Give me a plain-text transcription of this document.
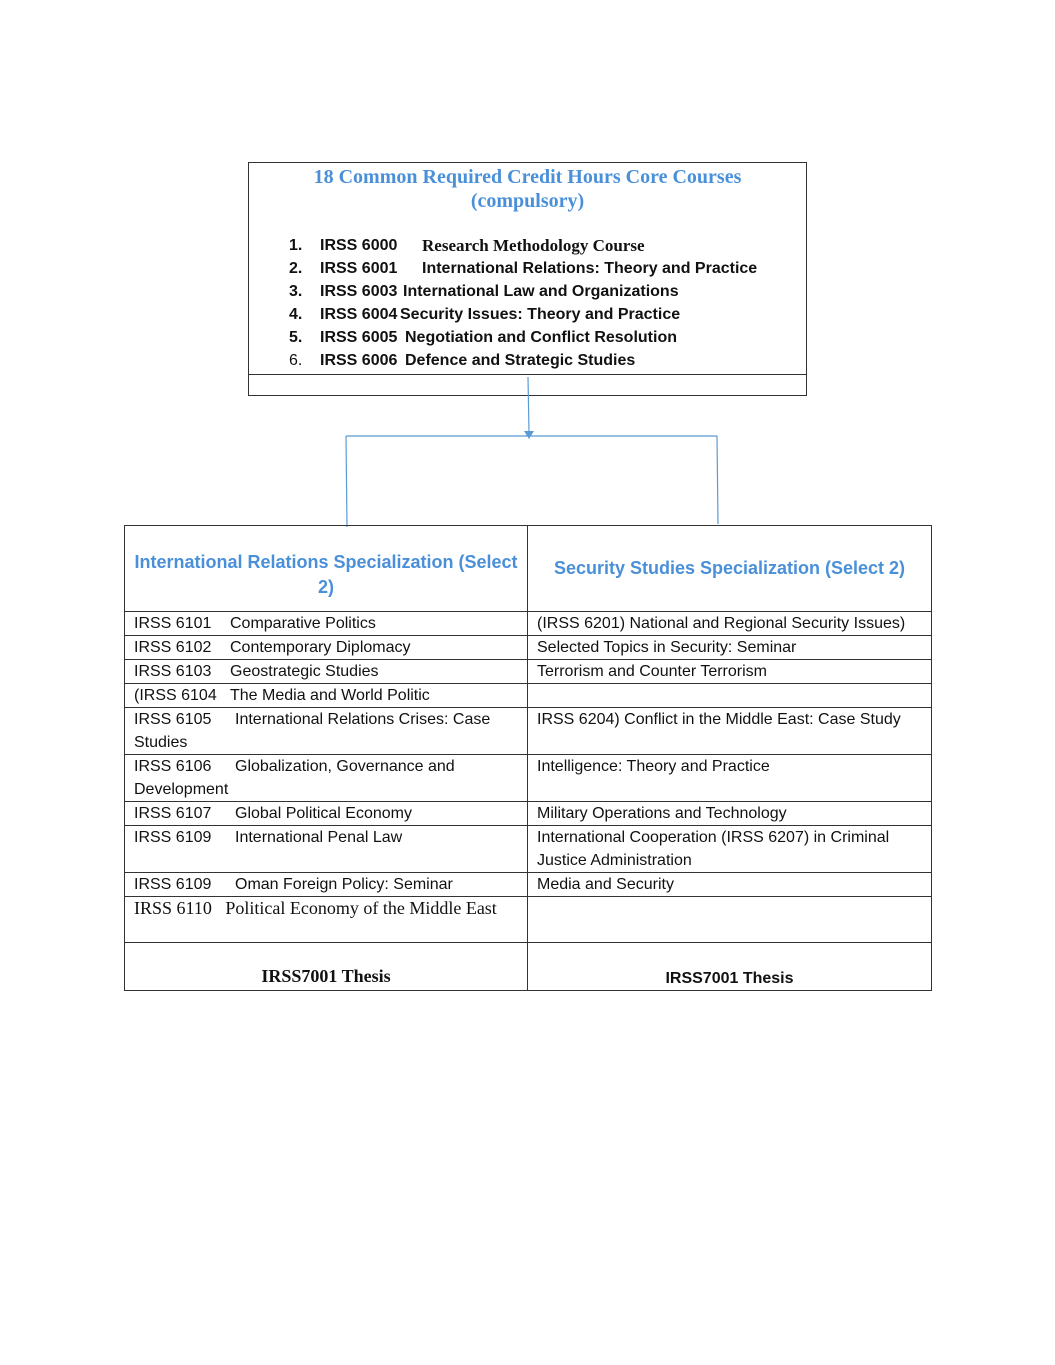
18 Common Required Credit Hours Core Courses
(compulsory)
1.	IRSS 6000 Research Methodology Course
2.	IRSS 6001 International Relations: Theory and Practice
3.	IRSS 6003 International Law and Organizations
4.	IRSS 6004 Security Issues: Theory and Practice
5.	IRSS 6005 Negotiation and Conflict Resolution
6.	IRSS 6006 Defence and Strategic Studies
International Relations Specialization (Select 2)	Security Studies Specialization (Select 2)
IRSS 6101 Comparative Politics	(IRSS 6201) National and Regional Security Issues)
IRSS 6102 Contemporary Diplomacy	Selected Topics in Security: Seminar
IRSS 6103 Geostrategic Studies	Terrorism and Counter Terrorism
(IRSS 6104 The Media and World Politic	
IRSS 6105 International Relations Crises: Case Studies	IRSS 6204) Conflict in the Middle East: Case Study
IRSS 6106 Globalization, Governance and Development	Intelligence: Theory and Practice
IRSS 6107 Global Political Economy	Military Operations and Technology
IRSS 6109 International Penal Law	International Cooperation (IRSS 6207) in Criminal Justice Administration
IRSS 6109 Oman Foreign Policy: Seminar	Media and Security
IRSS 6110 Political Economy of the Middle East	
IRSS7001 Thesis	IRSS7001 Thesis
